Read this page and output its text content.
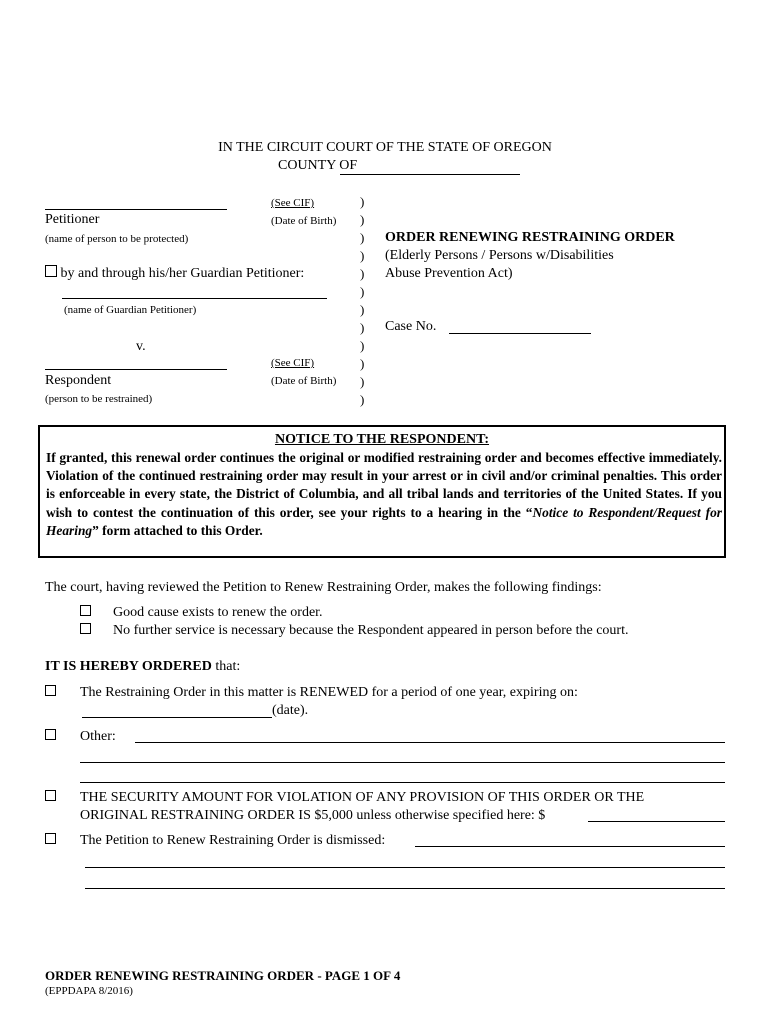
IN THE CIRCUIT COURT OF THE STATE OF OREGON
COUNTY OF
(See CIF)
Petitioner	(Date of Birth)
(name of person to be protected)
by and through his/her Guardian Petitioner:
(name of Guardian Petitioner)
v.
(See CIF)
Respondent	(Date of Birth)
(person to be restrained)
)
)
)
)
)
)
)
)
)
)
)
)
ORDER RENEWING RESTRAINING ORDER
(Elderly Persons / Persons w/Disabilities
Abuse Prevention Act)
Case No.
NOTICE TO THE RESPONDENT:
If granted, this renewal order continues the original or modified restraining order and becomes effective immediately. Violation of the continued restraining order may result in your arrest or in civil and/or criminal penalties. This order is enforceable in every state, the District of Columbia, and all tribal lands and territories of the United States. If you wish to contest the continuation of this order, see your rights to a hearing in the “Notice to Respondent/Request for Hearing” form attached to this Order.
The court, having reviewed the Petition to Renew Restraining Order, makes the following findings:
Good cause exists to renew the order.
No further service is necessary because the Respondent appeared in person before the court.
IT IS HEREBY ORDERED that:
The Restraining Order in this matter is RENEWED for a period of one year, expiring on:
(date).
Other:
THE SECURITY AMOUNT FOR VIOLATION OF ANY PROVISION OF THIS ORDER OR THE
ORIGINAL RESTRAINING ORDER IS $5,000 unless otherwise specified here: $
The Petition to Renew Restraining Order is dismissed:
ORDER RENEWING RESTRAINING ORDER - PAGE 1 OF 4
(EPPDAPA 8/2016)
